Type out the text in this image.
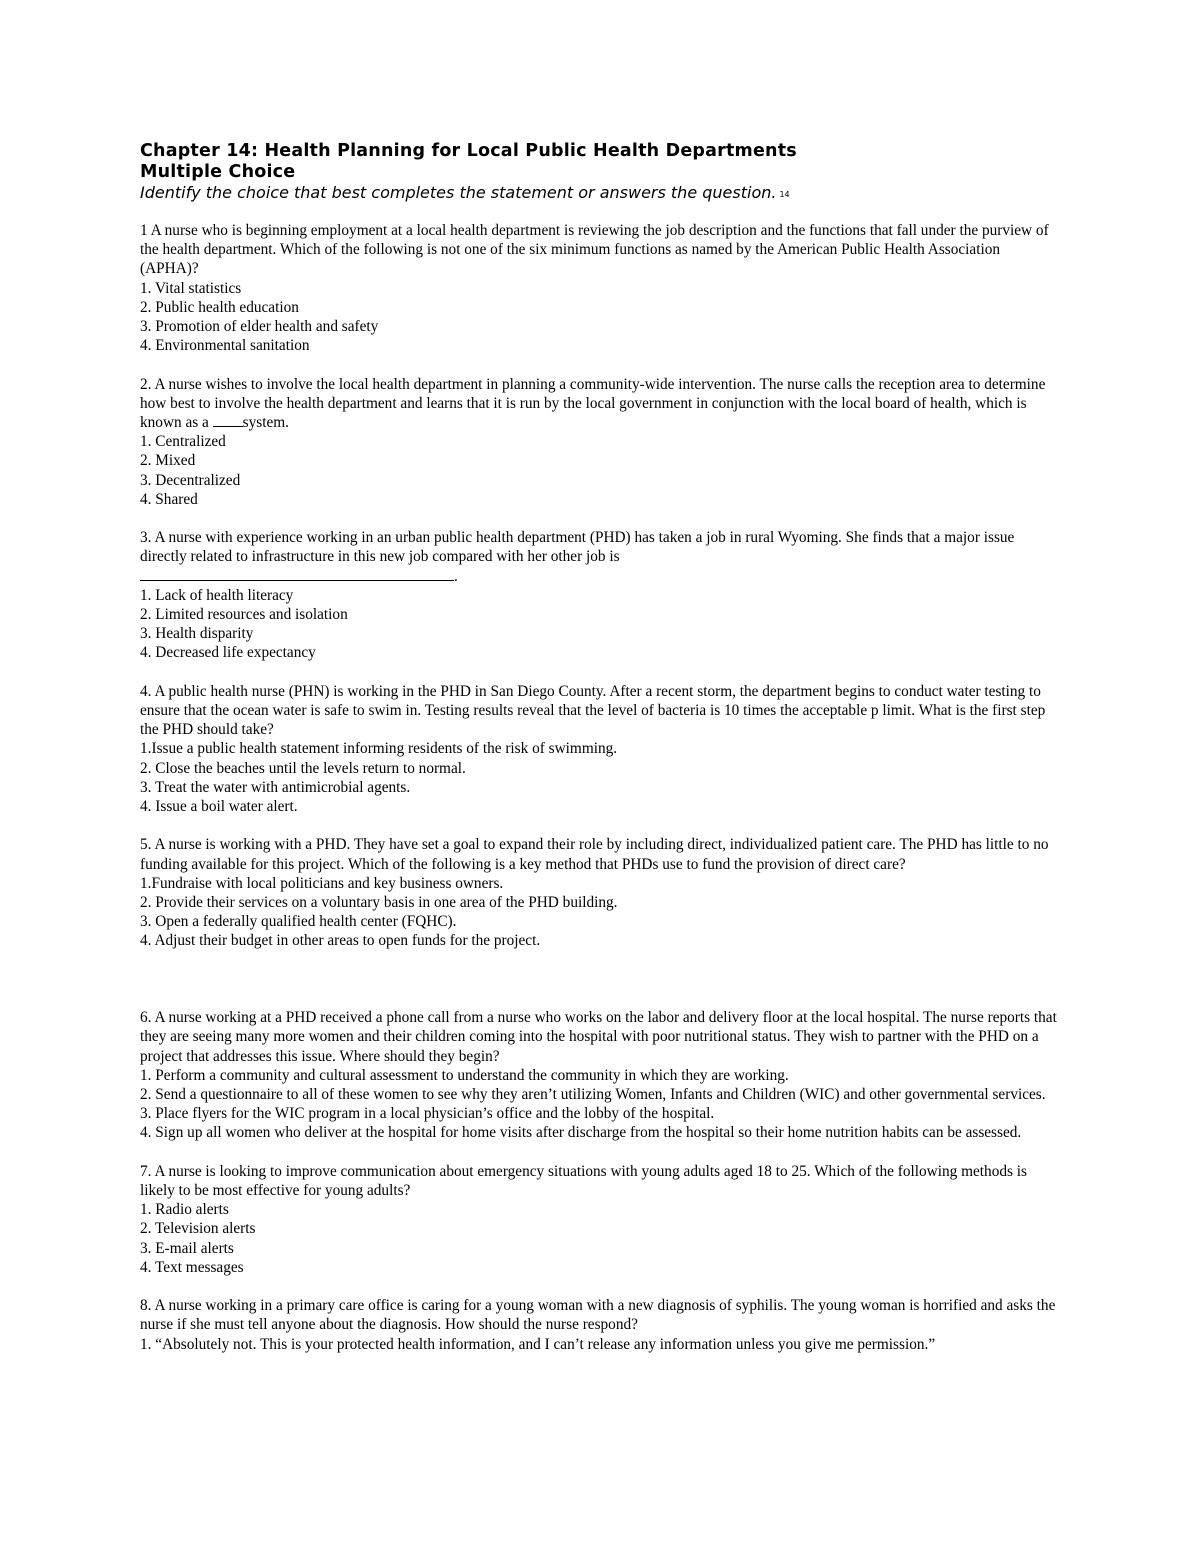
Chapter 14: Health Planning for Local Public Health Departments
Multiple Choice
Identify the choice that best completes the statement or answers the question. 14
1 A nurse who is beginning employment at a local health department is reviewing the job description and the functions that fall under the purview of the health department. Which of the following is not one of the six minimum functions as named by the American Public Health Association (APHA)?
1. Vital statistics
2. Public health education
3. Promotion of elder health and safety
4. Environmental sanitation
2. A nurse wishes to involve the local health department in planning a community-wide intervention. The nurse calls the reception area to determine how best to involve the health department and learns that it is run by the local government in conjunction with the local board of health, which is known as a system.
1. Centralized
2. Mixed
3. Decentralized
4. Shared
3. A nurse with experience working in an urban public health department (PHD) has taken a job in rural Wyoming. She finds that a major issue directly related to infrastructure in this new job compared with her other job is
.
1. Lack of health literacy
2. Limited resources and isolation
3. Health disparity
4. Decreased life expectancy
4. A public health nurse (PHN) is working in the PHD in San Diego County. After a recent storm, the department begins to conduct water testing to ensure that the ocean water is safe to swim in. Testing results reveal that the level of bacteria is 10 times the acceptable p limit. What is the first step the PHD should take?
1.Issue a public health statement informing residents of the risk of swimming.
2. Close the beaches until the levels return to normal.
3. Treat the water with antimicrobial agents.
4. Issue a boil water alert.
5. A nurse is working with a PHD. They have set a goal to expand their role by including direct, individualized patient care. The PHD has little to no funding available for this project. Which of the following is a key method that PHDs use to fund the provision of direct care?
1.Fundraise with local politicians and key business owners.
2. Provide their services on a voluntary basis in one area of the PHD building.
3. Open a federally qualified health center (FQHC).
4. Adjust their budget in other areas to open funds for the project.
6. A nurse working at a PHD received a phone call from a nurse who works on the labor and delivery floor at the local hospital. The nurse reports that they are seeing many more women and their children coming into the hospital with poor nutritional status. They wish to partner with the PHD on a project that addresses this issue. Where should they begin?
1. Perform a community and cultural assessment to understand the community in which they are working.
2. Send a questionnaire to all of these women to see why they aren’t utilizing Women, Infants and Children (WIC) and other governmental services.
3. Place flyers for the WIC program in a local physician’s office and the lobby of the hospital.
4. Sign up all women who deliver at the hospital for home visits after discharge from the hospital so their home nutrition habits can be assessed.
7. A nurse is looking to improve communication about emergency situations with young adults aged 18 to 25. Which of the following methods is likely to be most effective for young adults?
1. Radio alerts
2. Television alerts
3. E-mail alerts
4. Text messages
8. A nurse working in a primary care office is caring for a young woman with a new diagnosis of syphilis. The young woman is horrified and asks the nurse if she must tell anyone about the diagnosis. How should the nurse respond?
1. “Absolutely not. This is your protected health information, and I can’t release any information unless you give me permission.”
